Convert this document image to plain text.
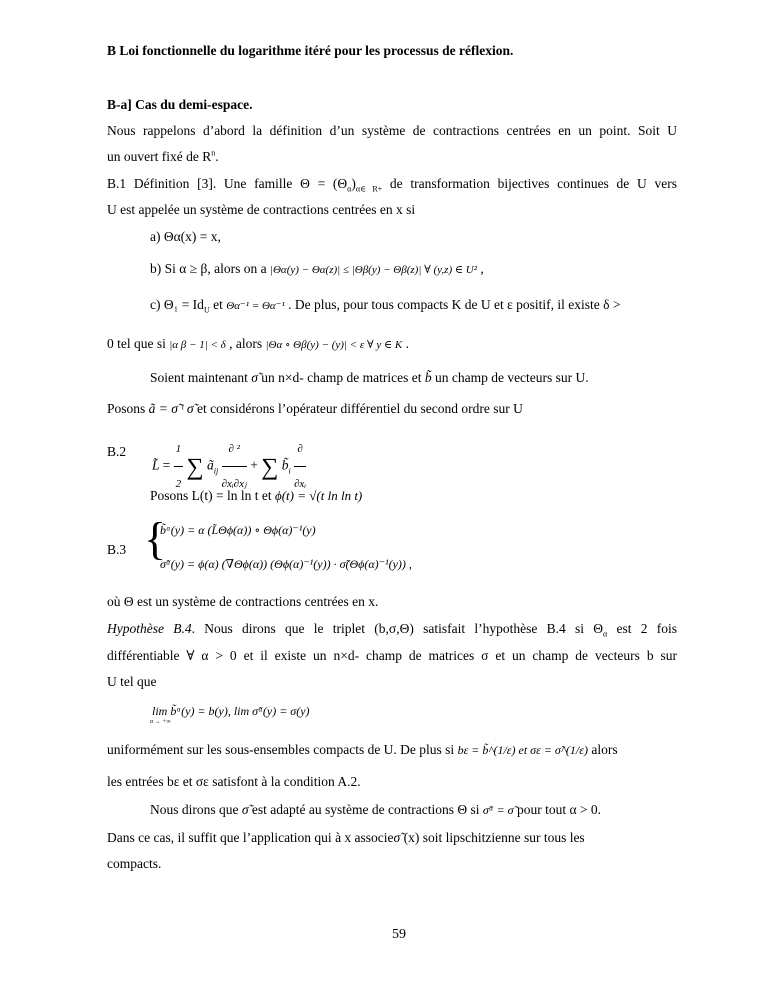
B Loi fonctionnelle du logarithme itéré pour les processus de réflexion.
B-a] Cas du demi-espace.
Nous rappelons d’abord la définition d’un système de contractions centrées en un point. Soit U
un ouvert fixé de $R^n$.
B.1 Définition [3]. Une famille $\Theta = (\Theta_\alpha)_{\alpha\in R+}$ de transformation bijectives continues de U vers
U est appelée un système de contractions centrées en x si
a) Θα(x) = x,
b) Si α ≥ β, alors on a |Θα(y) − Θα(z)| ≤ |Θβ(y) − Θβ(z)| ∀ (y,z) ∈ U² ,
c) $\Theta_1 = Id_U$ et Θα⁻¹ = Θα⁻¹ . De plus, pour tous compacts K de U et ε positif, il existe δ >
0 tel que si |α β − 1| < δ , alors |Θα ∘ Θβ(y) − (y)| < ε ∀ y ∈ K .
Soient maintenant σ̃ un n×d- champ de matrices et b̃ un champ de vecteurs sur U.
Posons ã = σ̃ ᵗ σ̃ et considérons l’opérateur différentiel du second ordre sur U
B.2
L̃ = $\frac{1}{2}$ ∑ $ã_{ij} \frac{\text{∂ ²}}{\text{∂xᵢ∂xⱼ}}$ + ∑ $b̃_i \frac{\partial}{\text{∂xᵢ}}$
Posons L(t) = ln ln t et ϕ(t) = √(t ln ln t)
B.3 {
b̃ᵅ(y) = α (L̃Θϕ(α)) ∘ Θϕ(α)⁻¹(y)
σ̃ᵅ(y) = ϕ(α) (∇Θϕ(α)) (Θϕ(α)⁻¹(y)) · σ̃(Θϕ(α)⁻¹(y)) ,
où Θ est un système de contractions centrées en x.
Hypothèse B.4. Nous dirons que le triplet (b,σ,Θ) satisfait l’hypothèse B.4 si $\Theta_\alpha$ est 2 fois
différentiable ∀ α > 0 et il existe un n×d- champ de matrices σ et un champ de vecteurs b sur
U tel que
lim b̃ᵅ(y) = b(y), lim σ̃ᵅ(y) = σ(y)
α → +∞
uniformément sur les sous-ensembles compacts de U. De plus si bε = b̃^(1/ε) et σε = σ̃^(1/ε) alors
les entrées bε et σε satisfont à la condition A.2.
Nous dirons que σ̃ est adapté au système de contractions Θ si σ̃ᵅ = σ̃ pour tout α > 0.
Dans ce cas, il suffit que l’application qui à x associeσ̃ (x) soit lipschitzienne sur tous les
compacts.
59
